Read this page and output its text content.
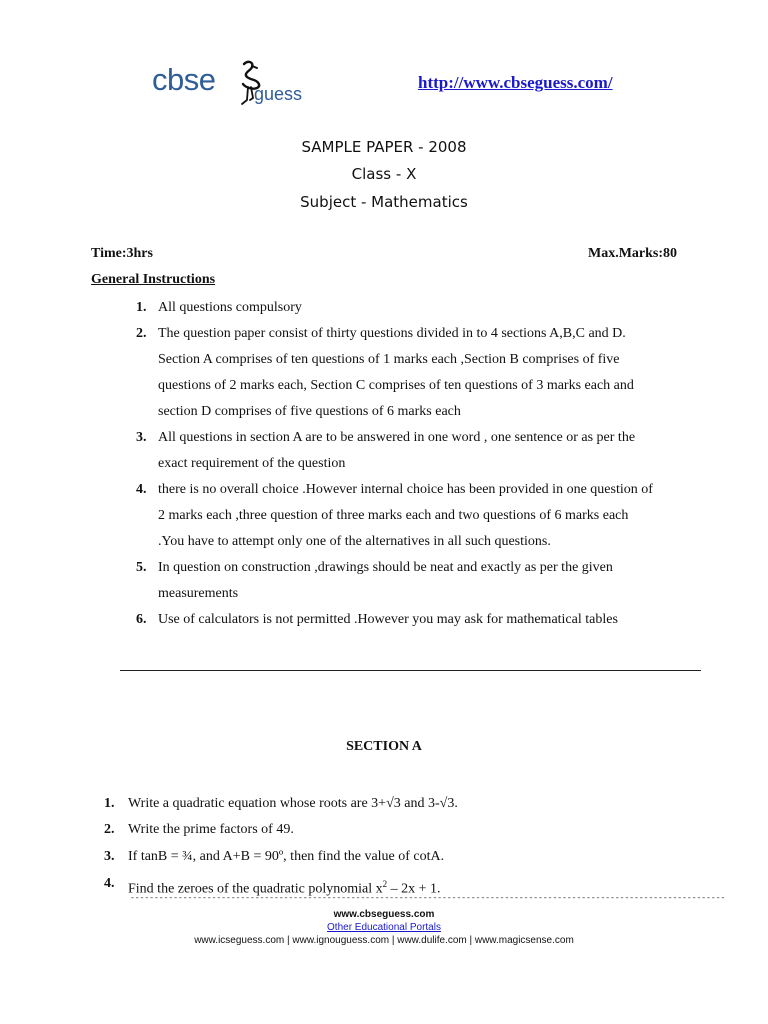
cbse guess
http://www.cbseguess.com/
SAMPLE PAPER - 2008
Class - X
Subject - Mathematics
Time:3hrs	Max.Marks:80
General Instructions
1. All questions compulsory
2. The question paper consist of thirty questions divided in to 4 sections A,B,C and D.
Section A comprises of ten questions of 1 marks each ,Section B comprises of five
questions of 2 marks each, Section C comprises of ten questions of 3 marks each and
section D comprises of five questions of 6 marks each
3. All questions in section A are to be answered in one word , one sentence or as per the
exact requirement of the question
4. there is no overall choice .However internal choice has been provided in one question of
2 marks each ,three question of three marks each and two questions of 6 marks each
.You have to attempt only one of the alternatives in all such questions.
5. In question on construction ,drawings should be neat and exactly as per the given
measurements
6. Use of calculators is not permitted .However you may ask for mathematical tables
SECTION A
1. Write a quadratic equation whose roots are 3+√3 and 3-√3.
2. Write the prime factors of 49.
3. If tanB = ¾, and A+B = 90º, then find the value of cotA.
4. Find the zeroes of the quadratic polynomial $x^2 - 2x + 1$.
----------------------------------------------------------------------------------------------------------------------------
www.cbseguess.com
Other Educational Portals
www.icseguess.com | www.ignouguess.com | www.dulife.com | www.magicsense.com
